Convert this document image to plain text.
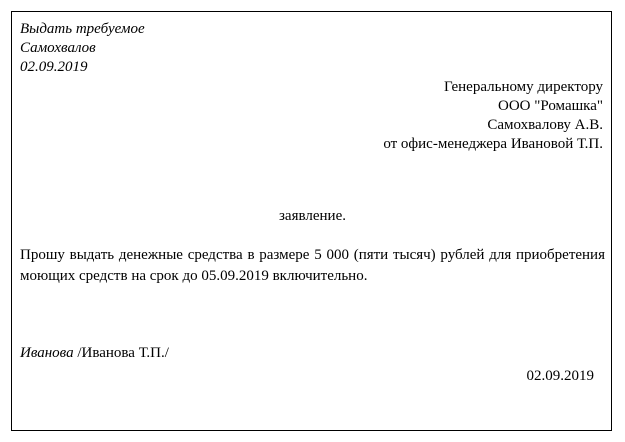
Выдать требуемое
Самохвалов
02.09.2019
Генеральному директору
ООО "Ромашка"
Самохвалову А.В.
от офис-менеджера Ивановой Т.П.
заявление.
Прошу выдать денежные средства в размере 5 000 (пяти тысяч) рублей для приобретения моющих средств на срок до 05.09.2019 включительно.
Иванова /Иванова Т.П./
02.09.2019
